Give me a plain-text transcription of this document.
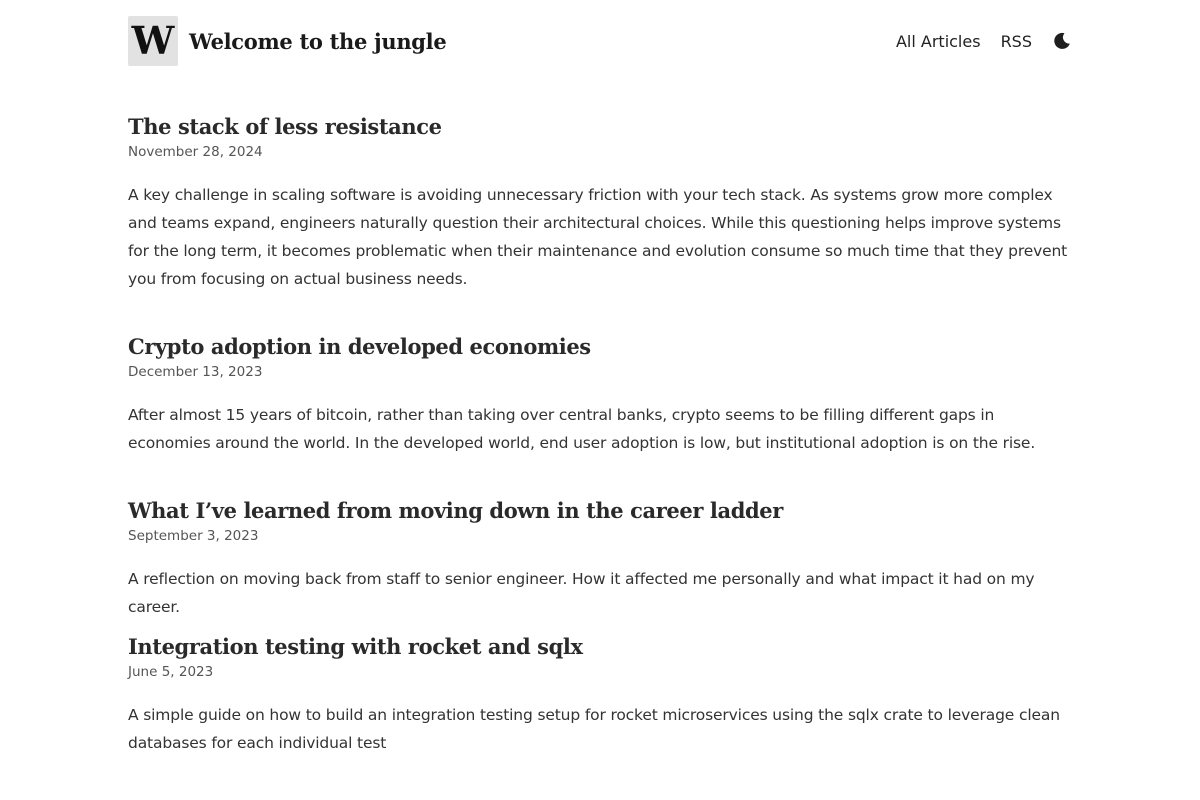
W Welcome to the jungle	All Articles RSS
The stack of less resistance

November 28, 2024

A key challenge in scaling software is avoiding unnecessary friction with your tech stack. As systems grow more complex and teams expand, engineers naturally question their architectural choices. While this questioning helps improve systems for the long term, it becomes problematic when their maintenance and evolution consume so much time that they prevent you from focusing on actual business needs.

Crypto adoption in developed economies

December 13, 2023

After almost 15 years of bitcoin, rather than taking over central banks, crypto seems to be filling different gaps in economies around the world. In the developed world, end user adoption is low, but institutional adoption is on the rise.

What I’ve learned from moving down in the career ladder

September 3, 2023

A reflection on moving back from staff to senior engineer. How it affected me personally and what impact it had on my career.

Integration testing with rocket and sqlx

June 5, 2023

A simple guide on how to build an integration testing setup for rocket microservices using the sqlx crate to leverage clean databases for each individual test
